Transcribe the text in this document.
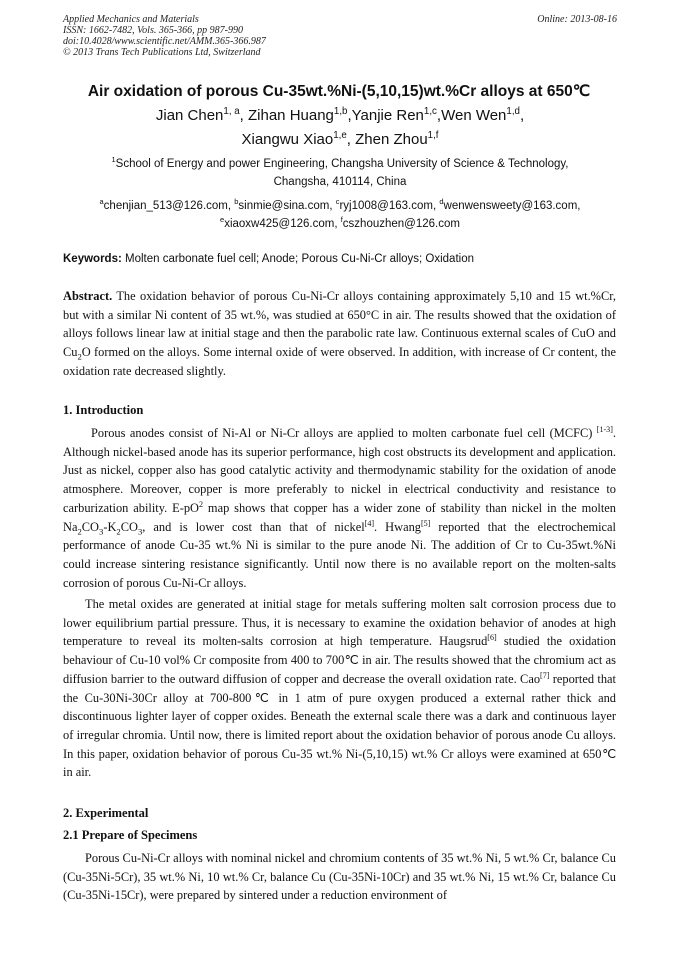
Applied Mechanics and Materials
ISSN: 1662-7482, Vols. 365-366, pp 987-990
doi:10.4028/www.scientific.net/AMM.365-366.987
© 2013 Trans Tech Publications Ltd, Switzerland
Online: 2013-08-16
Air oxidation of porous Cu-35wt.%Ni-(5,10,15)wt.%Cr alloys at 650℃
Jian Chen$^{1, a}$, Zihan Huang$^{1,b}$,Yanjie Ren$^{1,c}$,Wen Wen$^{1,d}$,
Xiangwu Xiao$^{1,e}$, Zhen Zhou$^{1,f}$
$^1$School of Energy and power Engineering, Changsha University of Science & Technology,
Changsha, 410114, China
$^a$chenjian_513@126.com, $^b$sinmie@sina.com, $^c$ryj1008@163.com, $^d$wenwensweety@163.com,
$^e$xiaoxw425@126.com, $^f$cszhouzhen@126.com
Keywords: Molten carbonate fuel cell; Anode; Porous Cu-Ni-Cr alloys; Oxidation

Abstract. The oxidation behavior of porous Cu-Ni-Cr alloys containing approximately 5,10 and 15 wt.%Cr, but with a similar Ni content of 35 wt.%, was studied at 650°C in air. The results showed that the oxidation of alloys follows linear law at initial stage and then the parabolic rate law. Continuous external scales of CuO and $Cu_2O$ formed on the alloys. Some internal oxide of were observed. In addition, with increase of Cr content, the oxidation rate decreased slightly.

1. Introduction

Porous anodes consist of Ni-Al or Ni-Cr alloys are applied to molten carbonate fuel cell (MCFC) [1-3]. Although nickel-based anode has its superior performance, high cost obstructs its development and application. Just as nickel, copper also has good catalytic activity and thermodynamic stability for the oxidation of anode atmosphere. Moreover, copper is more preferably to nickel in electrical conductivity and resistance to carburization ability. $E-pO^2$ map shows that copper has a wider zone of stability than nickel in the molten $Na_2CO_3-K_2CO_3$, and is lower cost than that of nickel[4]. Hwang[5] reported that the electrochemical performance of anode Cu-35 wt.% Ni is similar to the pure anode Ni. The addition of Cr to Cu-35wt.%Ni could increase sintering resistance significantly. Until now there is no available report on the molten-salts corrosion of porous Cu-Ni-Cr alloys.

The metal oxides are generated at initial stage for metals suffering molten salt corrosion process due to lower equilibrium partial pressure. Thus, it is necessary to examine the oxidation behavior of anodes at high temperature to reveal its molten-salts corrosion at high temperature. Haugsrud[6] studied the oxidation behaviour of Cu-10 vol% Cr composite from 400 to 700℃ in air. The results showed that the chromium act as diffusion barrier to the outward diffusion of copper and decrease the overall oxidation rate. Cao[7] reported that the Cu-30Ni-30Cr alloy at 700-800℃ in 1 atm of pure oxygen produced a external rather thick and discontinuous lighter layer of copper oxides. Beneath the external scale there was a dark and continuous layer of irregular chromia. Until now, there is limited report about the oxidation behavior of porous anode Cu alloys. In this paper, oxidation behavior of porous Cu-35 wt.% Ni-(5,10,15) wt.% Cr alloys were examined at 650℃ in air.

2. Experimental
2.1 Prepare of Specimens

Porous Cu-Ni-Cr alloys with nominal nickel and chromium contents of 35 wt.% Ni, 5 wt.% Cr, balance Cu (Cu-35Ni-5Cr), 35 wt.% Ni, 10 wt.% Cr, balance Cu (Cu-35Ni-10Cr) and 35 wt.% Ni, 15 wt.% Cr, balance Cu (Cu-35Ni-15Cr), were prepared by sintered under a reduction environment of
